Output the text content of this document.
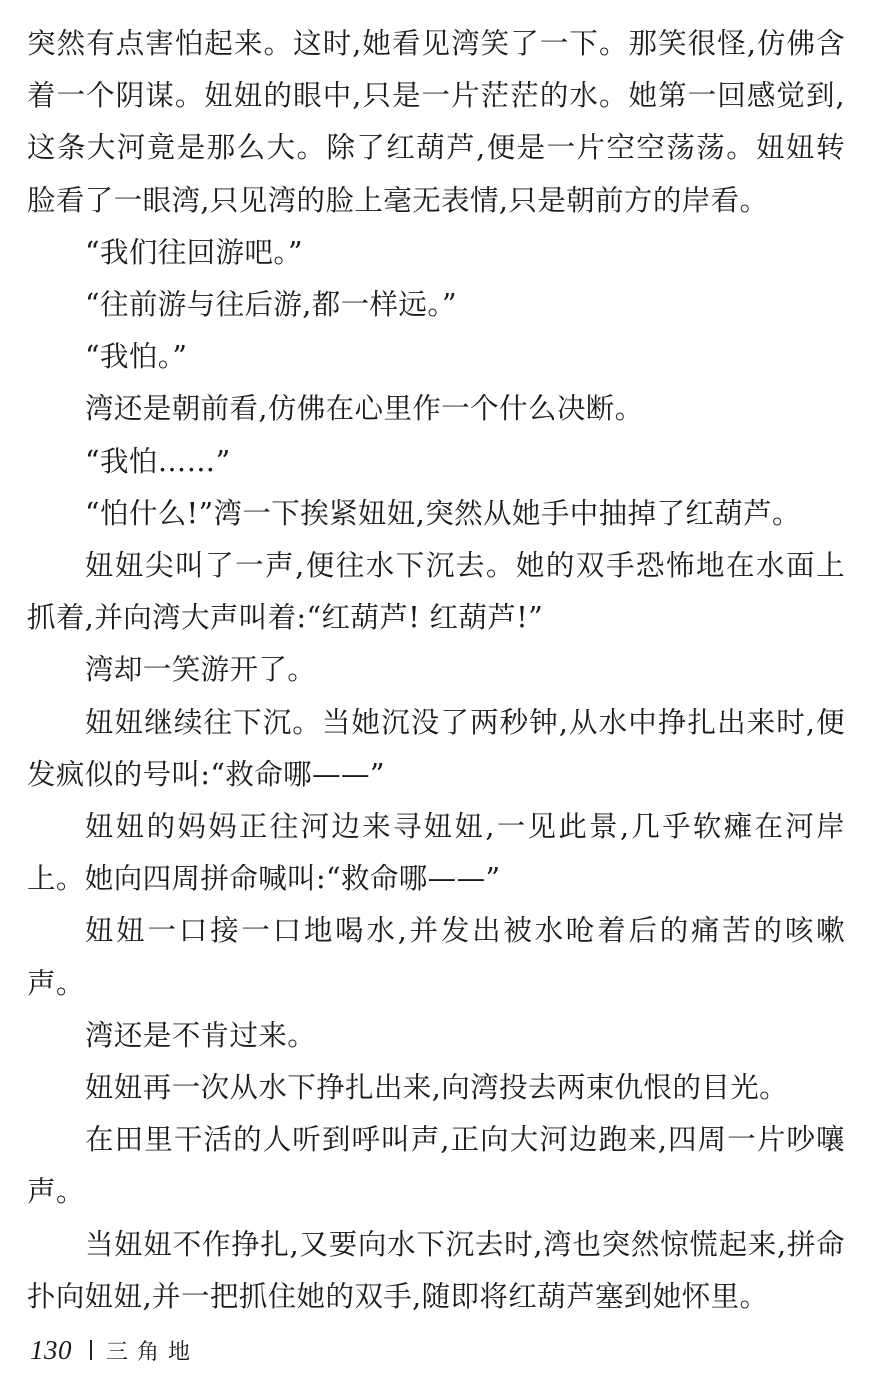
突然有点害怕起来。这时,她看见湾笑了一下。那笑很怪,仿佛含着一个阴谋。妞妞的眼中,只是一片茫茫的水。她第一回感觉到,这条大河竟是那么大。除了红葫芦,便是一片空空荡荡。妞妞转脸看了一眼湾,只见湾的脸上毫无表情,只是朝前方的岸看。

“我们往回游吧。”

“往前游与往后游,都一样远。”

“我怕。”

湾还是朝前看,仿佛在心里作一个什么决断。

“我怕……”

“怕什么!”湾一下挨紧妞妞,突然从她手中抽掉了红葫芦。

妞妞尖叫了一声,便往水下沉去。她的双手恐怖地在水面上抓着,并向湾大声叫着:“红葫芦! 红葫芦!”

湾却一笑游开了。

妞妞继续往下沉。当她沉没了两秒钟,从水中挣扎出来时,便发疯似的号叫:“救命哪——”

妞妞的妈妈正往河边来寻妞妞,一见此景,几乎软瘫在河岸上。她向四周拼命喊叫:“救命哪——”

妞妞一口接一口地喝水,并发出被水呛着后的痛苦的咳嗽声。

湾还是不肯过来。

妞妞再一次从水下挣扎出来,向湾投去两束仇恨的目光。

在田里干活的人听到呼叫声,正向大河边跑来,四周一片吵嚷声。

当妞妞不作挣扎,又要向水下沉去时,湾也突然惊慌起来,拼命扑向妞妞,并一把抓住她的双手,随即将红葫芦塞到她怀里。

130 三角地
